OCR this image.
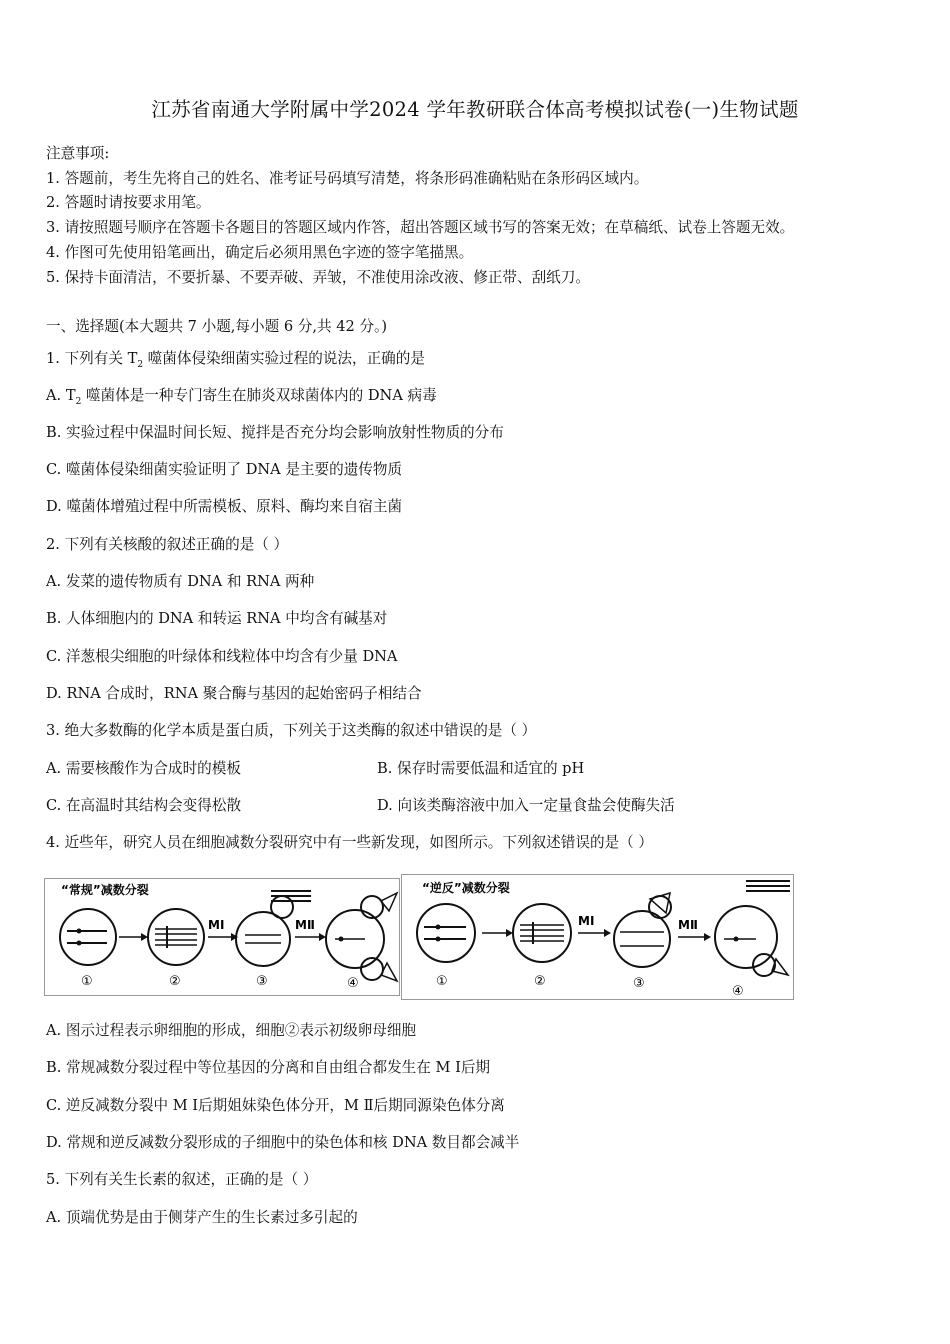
江苏省南通大学附属中学2024 学年教研联合体高考模拟试卷(一)生物试题
注意事项:
1. 答题前，考生先将自己的姓名、准考证号码填写清楚，将条形码准确粘贴在条形码区域内。
2. 答题时请按要求用笔。
3. 请按照题号顺序在答题卡各题目的答题区域内作答，超出答题区域书写的答案无效；在草稿纸、试卷上答题无效。
4. 作图可先使用铅笔画出，确定后必须用黑色字迹的签字笔描黑。
5. 保持卡面清洁，不要折暴、不要弄破、弄皱，不准使用涂改液、修正带、刮纸刀。
一、选择题(本大题共 7 小题,每小题 6 分,共 42 分。)
1. 下列有关 $T_2$ 噬菌体侵染细菌实验过程的说法，正确的是
A. $T_2$ 噬菌体是一种专门寄生在肺炎双球菌体内的 DNA 病毒
B. 实验过程中保温时间长短、搅拌是否充分均会影响放射性物质的分布
C. 噬菌体侵染细菌实验证明了 DNA 是主要的遗传物质
D. 噬菌体增殖过程中所需模板、原料、酶均来自宿主菌
2. 下列有关核酸的叙述正确的是（ ）
A. 发菜的遗传物质有 DNA 和 RNA 两种
B. 人体细胞内的 DNA 和转运 RNA 中均含有碱基对
C. 洋葱根尖细胞的叶绿体和线粒体中均含有少量 DNA
D. RNA 合成时，RNA 聚合酶与基因的起始密码子相结合
3. 绝大多数酶的化学本质是蛋白质，下列关于这类酶的叙述中错误的是（ ）
A. 需要核酸作为合成时的模板	B. 保存时需要低温和适宜的 pH
C. 在高温时其结构会变得松散	D. 向该类酶溶液中加入一定量食盐会使酶失活
4. 近些年，研究人员在细胞减数分裂研究中有一些新发现，如图所示。下列叙述错误的是（ ）
“常规”减数分裂
MⅠ	MⅡ
①	②	③	④
“逆反”减数分裂
MⅠ	MⅡ
①	②	③
④
A. 图示过程表示卵细胞的形成，细胞②表示初级卵母细胞
B. 常规减数分裂过程中等位基因的分离和自由组合都发生在 M Ⅰ后期
C. 逆反减数分裂中 M Ⅰ后期姐妹染色体分开，M Ⅱ后期同源染色体分离
D. 常规和逆反减数分裂形成的子细胞中的染色体和核 DNA 数目都会减半
5. 下列有关生长素的叙述，正确的是（ ）
A. 顶端优势是由于侧芽产生的生长素过多引起的
